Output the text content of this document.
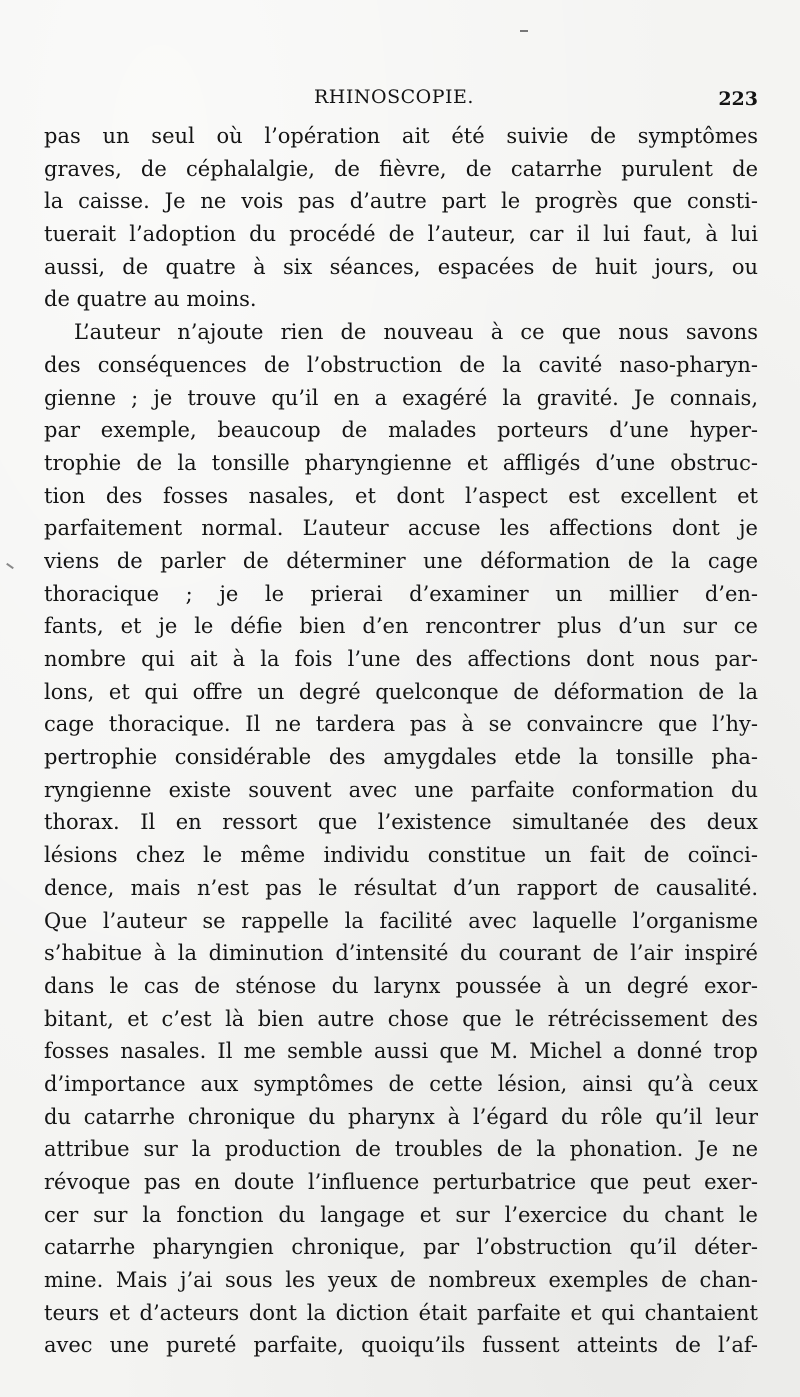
RHINOSCOPIE.	223
pas un seul où l’opération ait été suivie de symptômes
graves, de céphalalgie, de fièvre, de catarrhe purulent de
la caisse. Je ne vois pas d’autre part le progrès que consti-
tuerait l’adoption du procédé de l’auteur, car il lui faut, à lui
aussi, de quatre à six séances, espacées de huit jours, ou
de quatre au moins.
L’auteur n’ajoute rien de nouveau à ce que nous savons
des conséquences de l’obstruction de la cavité naso-pharyn-
gienne ; je trouve qu’il en a exagéré la gravité. Je connais,
par exemple, beaucoup de malades porteurs d’une hyper-
trophie de la tonsille pharyngienne et affligés d’une obstruc-
tion des fosses nasales, et dont l’aspect est excellent et
parfaitement normal. L’auteur accuse les affections dont je
viens de parler de déterminer une déformation de la cage
thoracique ; je le prierai d’examiner un millier d’en-
fants, et je le défie bien d’en rencontrer plus d’un sur ce
nombre qui ait à la fois l’une des affections dont nous par-
lons, et qui offre un degré quelconque de déformation de la
cage thoracique. Il ne tardera pas à se convaincre que l’hy-
pertrophie considérable des amygdales etde la tonsille pha-
ryngienne existe souvent avec une parfaite conformation du
thorax. Il en ressort que l’existence simultanée des deux
lésions chez le même individu constitue un fait de coïnci-
dence, mais n’est pas le résultat d’un rapport de causalité.
Que l’auteur se rappelle la facilité avec laquelle l’organisme
s’habitue à la diminution d’intensité du courant de l’air inspiré
dans le cas de sténose du larynx poussée à un degré exor-
bitant, et c’est là bien autre chose que le rétrécissement des
fosses nasales. Il me semble aussi que M. Michel a donné trop
d’importance aux symptômes de cette lésion, ainsi qu’à ceux
du catarrhe chronique du pharynx à l’égard du rôle qu’il leur
attribue sur la production de troubles de la phonation. Je ne
révoque pas en doute l’influence perturbatrice que peut exer-
cer sur la fonction du langage et sur l’exercice du chant le
catarrhe pharyngien chronique, par l’obstruction qu’il déter-
mine. Mais j’ai sous les yeux de nombreux exemples de chan-
teurs et d’acteurs dont la diction était parfaite et qui chantaient
avec une pureté parfaite, quoiqu’ils fussent atteints de l’af-
